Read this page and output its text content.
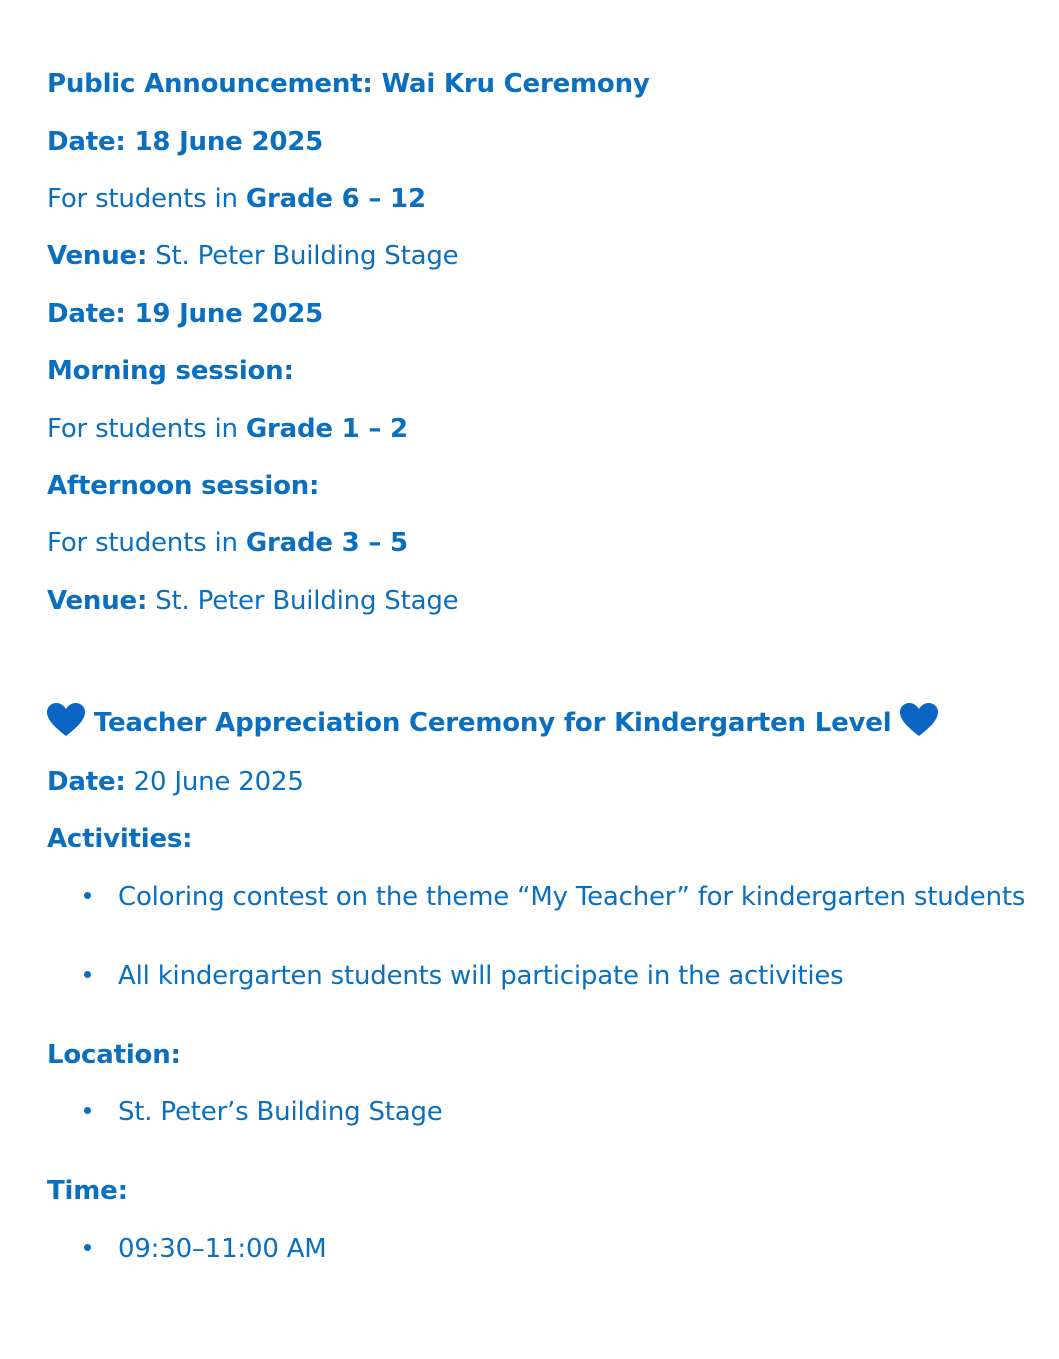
Public Announcement: Wai Kru Ceremony
Date: 18 June 2025
For students in Grade 6 – 12
Venue: St. Peter Building Stage
Date: 19 June 2025
Morning session:
For students in Grade 1 – 2
Afternoon session:
For students in Grade 3 – 5
Venue: St. Peter Building Stage
Teacher Appreciation Ceremony for Kindergarten Level
Date: 20 June 2025
Activities:
Coloring contest on the theme “My Teacher” for kindergarten students
All kindergarten students will participate in the activities
Location:
St. Peter’s Building Stage
Time:
09:30–11:00 AM
